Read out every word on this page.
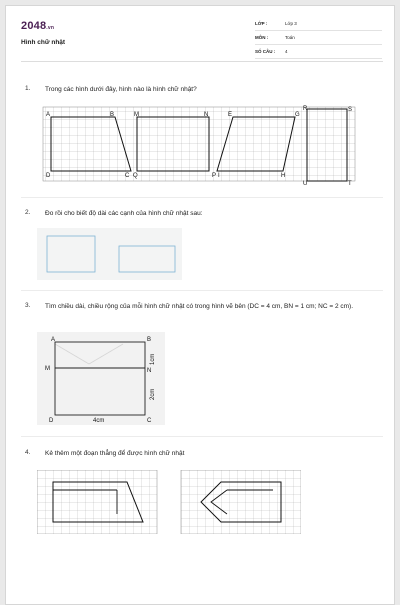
2048.vn
Hình chữ nhật
LỚP :	Lớp 3
MÔN :	Toán
SỐ CÂU : 4
1. Trong các hình dưới đây, hình nào là hình chữ nhật?
A	B
D	C
M	N
Q	P
E	G
I	H
R	S
U	T
2. Đo rồi cho biết độ dài các cạnh của hình chữ nhật sau:
3. Tìm chiều dài, chiều rộng của mỗi hình chữ nhật có trong hình vẽ bên (DC = 4 cm, BN = 1 cm; NC = 2 cm).
A	B
M	N
D	C
1cm
2cm
4cm
4. Kẻ thêm một đoạn thẳng để được hình chữ nhật
